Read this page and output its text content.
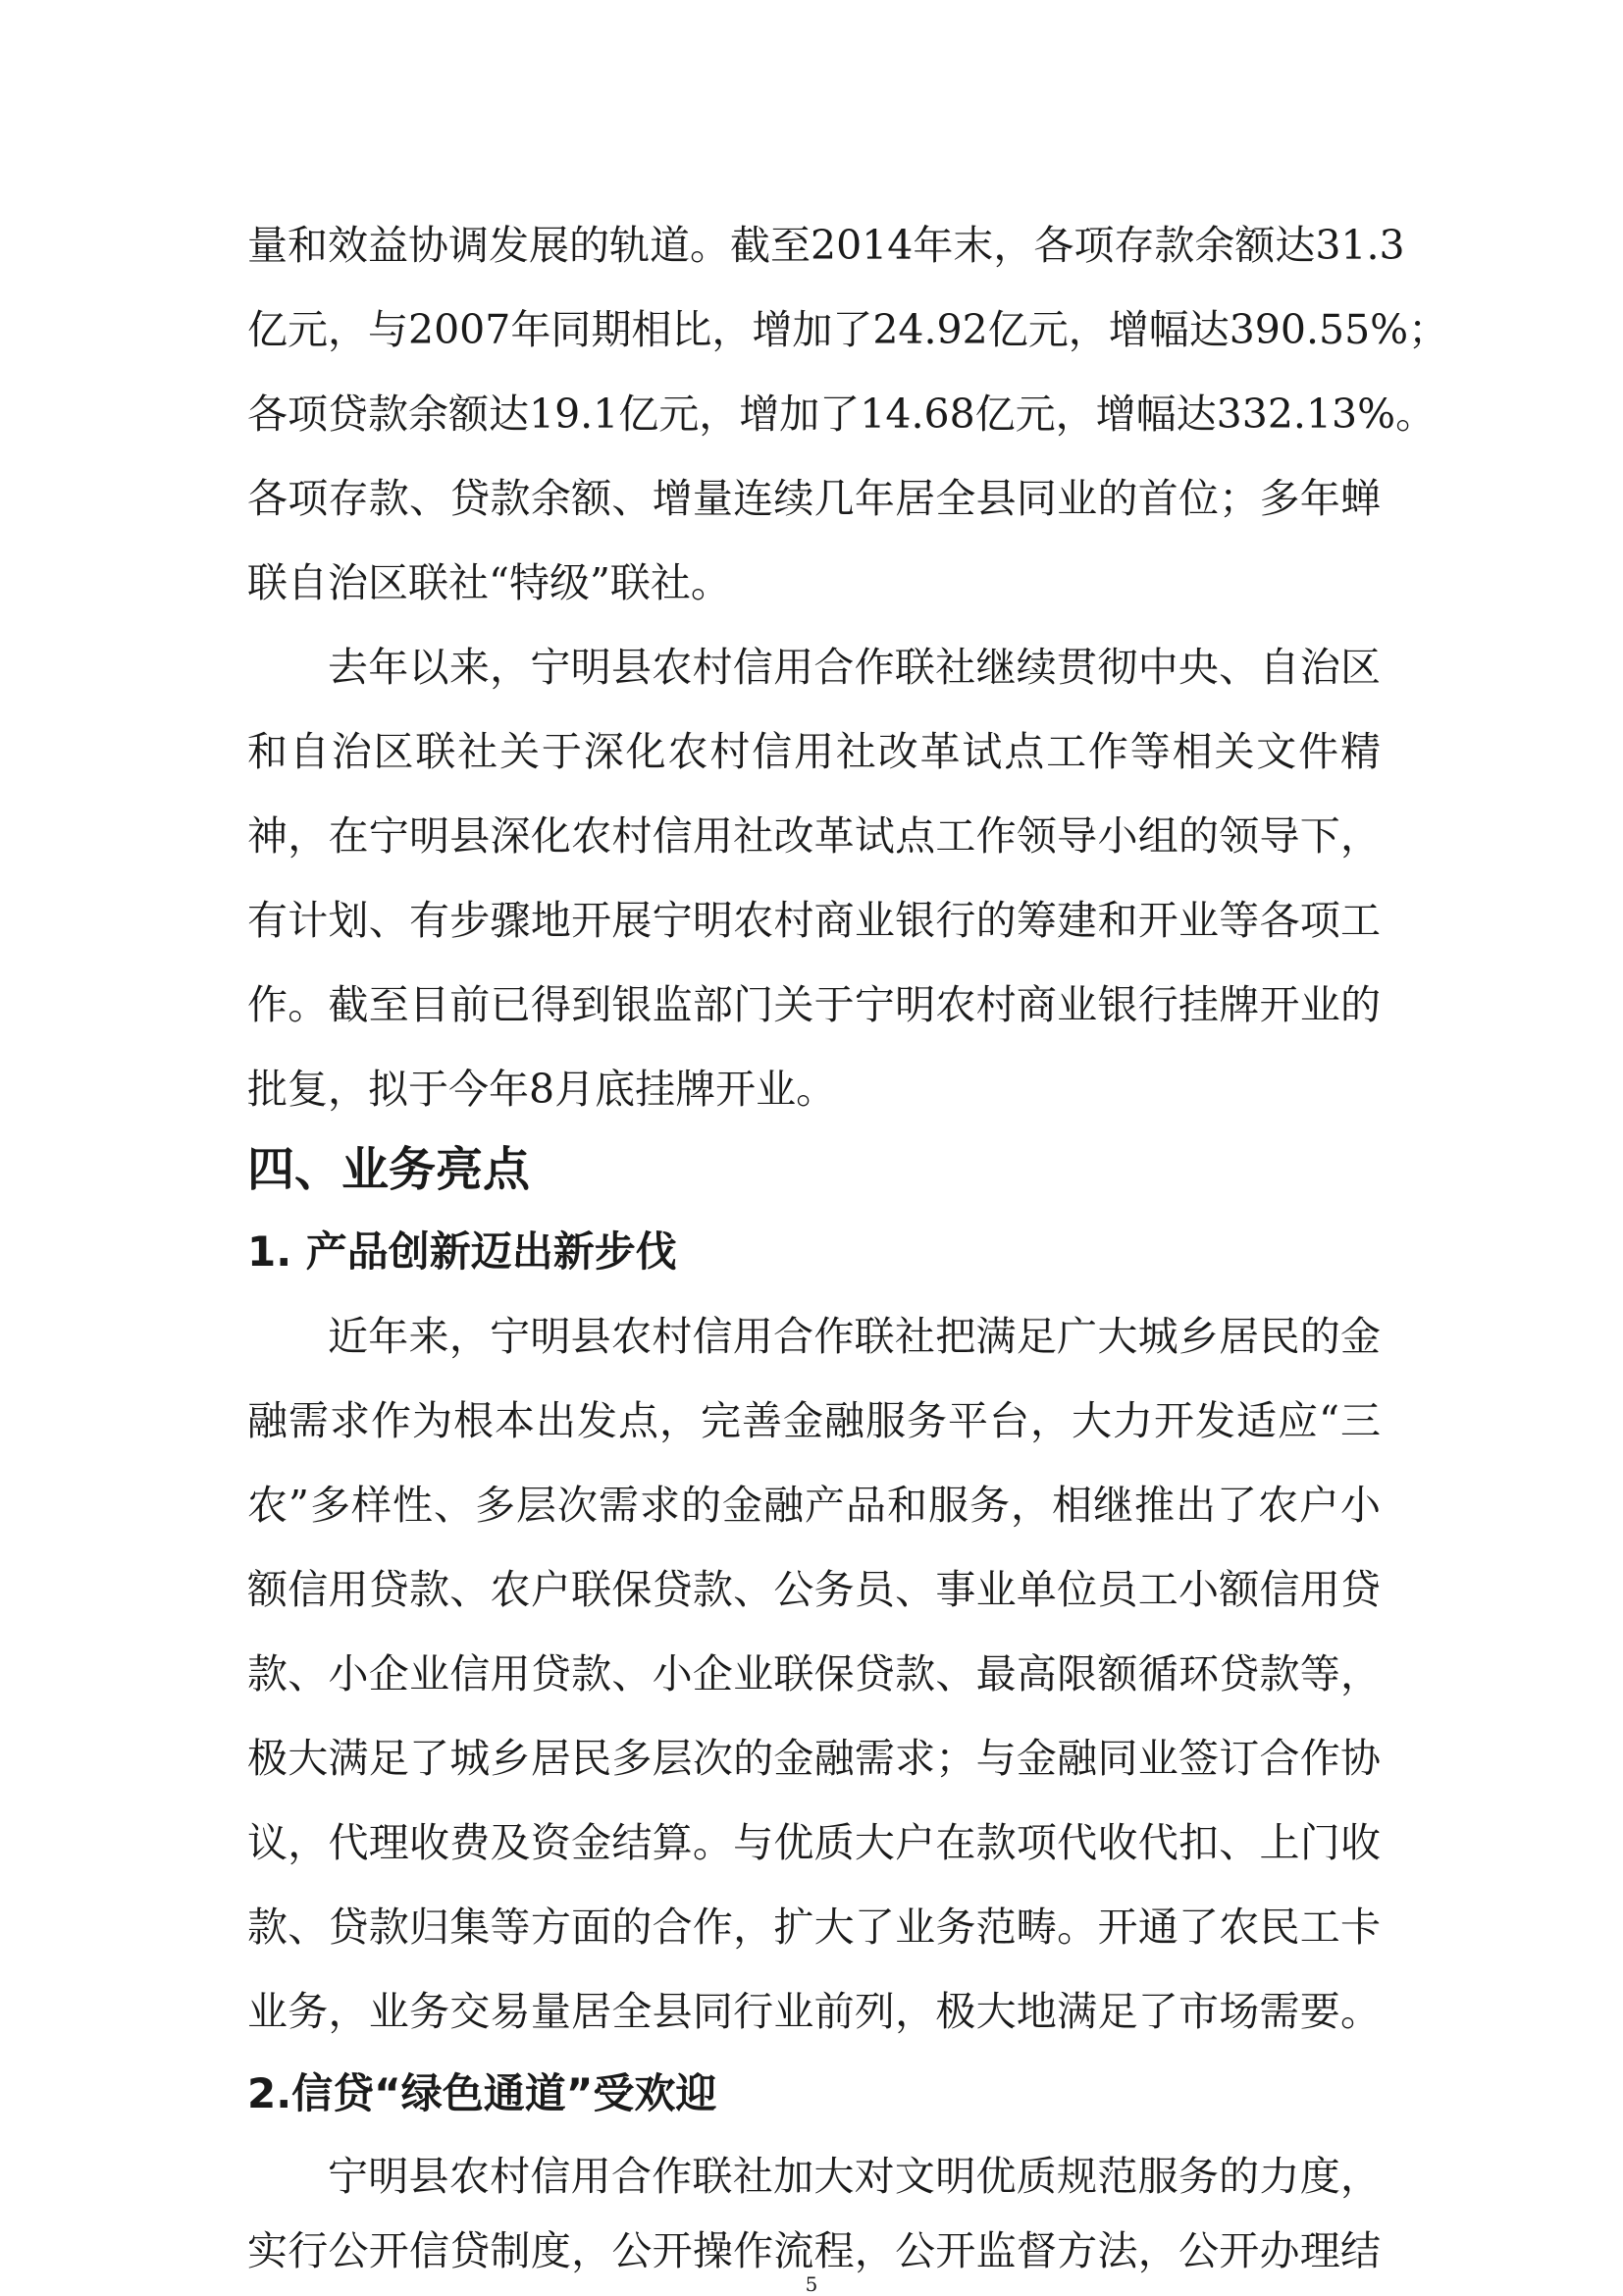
量和效益协调发展的轨道。截至2014年末，各项存款余额达31.3
亿元，与2007年同期相比，增加了24.92亿元，增幅达390.55%；
各项贷款余额达19.1亿元，增加了14.68亿元，增幅达332.13%。
各项存款、贷款余额、增量连续几年居全县同业的首位；多年蝉
联自治区联社“特级”联社。
去年以来，宁明县农村信用合作联社继续贯彻中央、自治区
和自治区联社关于深化农村信用社改革试点工作等相关文件精
神，在宁明县深化农村信用社改革试点工作领导小组的领导下，
有计划、有步骤地开展宁明农村商业银行的筹建和开业等各项工
作。截至目前已得到银监部门关于宁明农村商业银行挂牌开业的
批复，拟于今年8月底挂牌开业。
四、业务亮点
1. 产品创新迈出新步伐
近年来，宁明县农村信用合作联社把满足广大城乡居民的金
融需求作为根本出发点，完善金融服务平台，大力开发适应“三
农”多样性、多层次需求的金融产品和服务，相继推出了农户小
额信用贷款、农户联保贷款、公务员、事业单位员工小额信用贷
款、小企业信用贷款、小企业联保贷款、最高限额循环贷款等，
极大满足了城乡居民多层次的金融需求；与金融同业签订合作协
议，代理收费及资金结算。与优质大户在款项代收代扣、上门收
款、贷款归集等方面的合作，扩大了业务范畴。开通了农民工卡
业务，业务交易量居全县同行业前列，极大地满足了市场需要。
2.信贷“绿色通道”受欢迎
宁明县农村信用合作联社加大对文明优质规范服务的力度，
实行公开信贷制度，公开操作流程，公开监督方法，公开办理结
5
